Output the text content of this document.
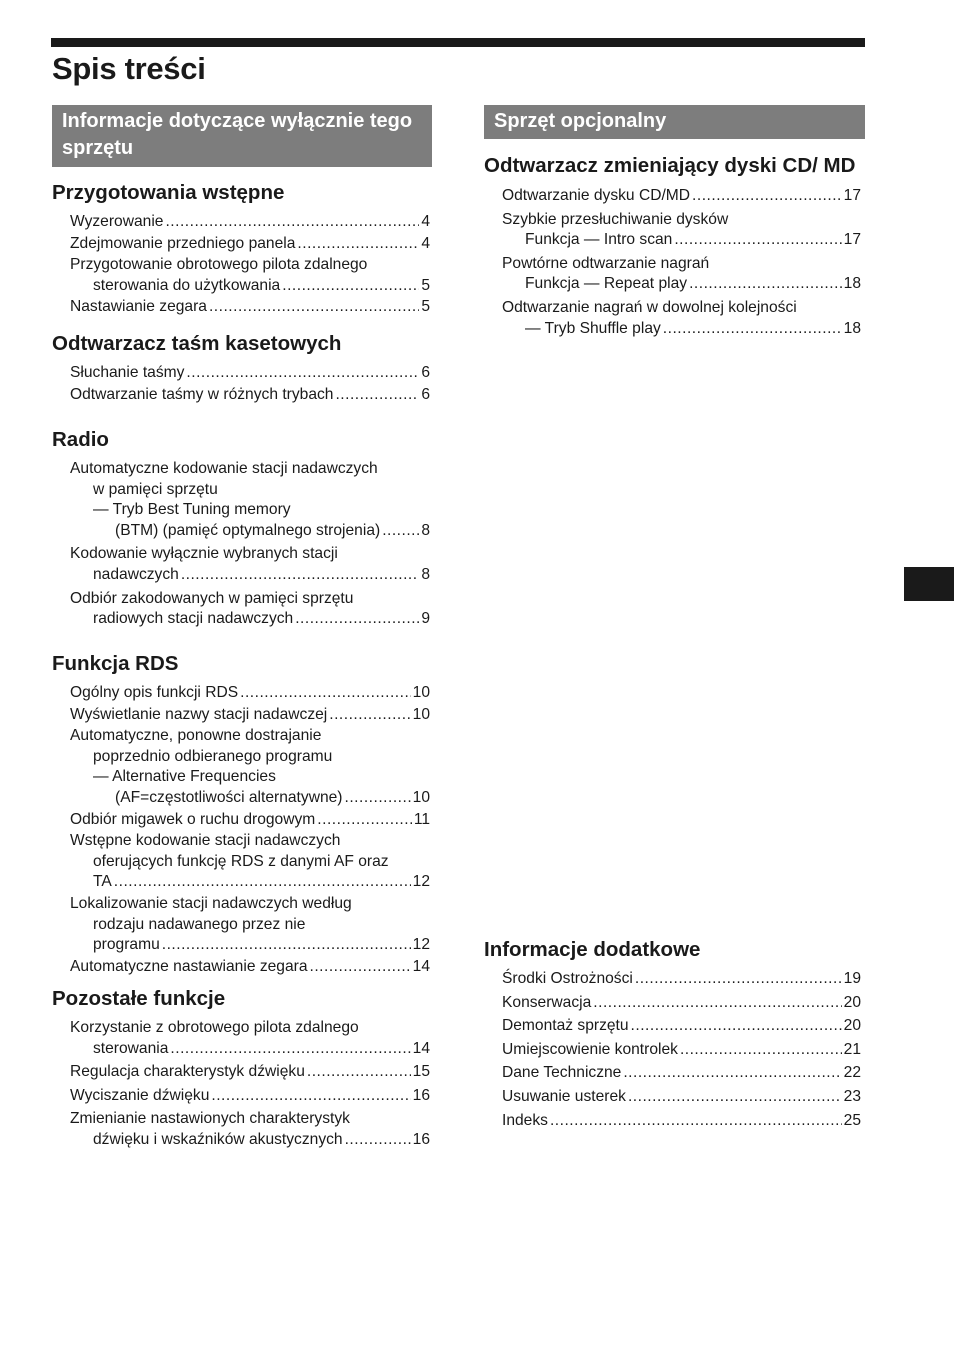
Spis treści
Informacje dotyczące wyłącznie tego sprzętu
Sprzęt opcjonalny
Przygotowania wstępne
Wyzerowanie .....	4
Zdejmowanie przedniego panela .....	4
Przygotowanie obrotowego pilota zdalnego
sterowania do użytkowania .....	5
Nastawianie zegara .....	5
Odtwarzacz taśm kasetowych
Słuchanie taśmy .....	6
Odtwarzanie taśmy w różnych trybach .....	6
Radio
Automatyczne kodowanie stacji nadawczych
w pamięci sprzętu
— Tryb Best Tuning memory
(BTM) (pamięć optymalnego strojenia) .....	8
Kodowanie wyłącznie wybranych stacji
nadawczych .....	8
Odbiór zakodowanych w pamięci sprzętu
radiowych stacji nadawczych .....	9
Funkcja RDS
Ogólny opis funkcji RDS .....	10
Wyświetlanie nazwy stacji nadawczej .....	10
Automatyczne, ponowne dostrajanie
poprzednio odbieranego programu
— Alternative Frequencies
(AF=częstotliwości alternatywne) .....	10
Odbiór migawek o ruchu drogowym .....	11
Wstępne kodowanie stacji nadawczych
oferujących funkcję RDS z danymi AF oraz
TA .....	12
Lokalizowanie stacji nadawczych według
rodzaju nadawanego przez nie
programu .....	12
Automatyczne nastawianie zegara .....	14
Pozostałe funkcje
Korzystanie z obrotowego pilota zdalnego
sterowania .....	14
Regulacja charakterystyk dźwięku .....	15
Wyciszanie dźwięku .....	16
Zmienianie nastawionych charakterystyk
dźwięku i wskaźników akustycznych .....	16
Odtwarzacz zmieniający dyski CD/ MD
Odtwarzanie dysku CD/MD .....	17
Szybkie przesłuchiwanie dysków
Funkcja — Intro scan .....	17
Powtórne odtwarzanie nagrań
Funkcja — Repeat play .....	18
Odtwarzanie nagrań w dowolnej kolejności
— Tryb Shuffle play .....	18
Informacje dodatkowe
Środki Ostrożności .....	19
Konserwacja .....	20
Demontaż sprzętu .....	20
Umiejscowienie kontrolek .....	21
Dane Techniczne .....	22
Usuwanie usterek .....	23
Indeks .....	25
